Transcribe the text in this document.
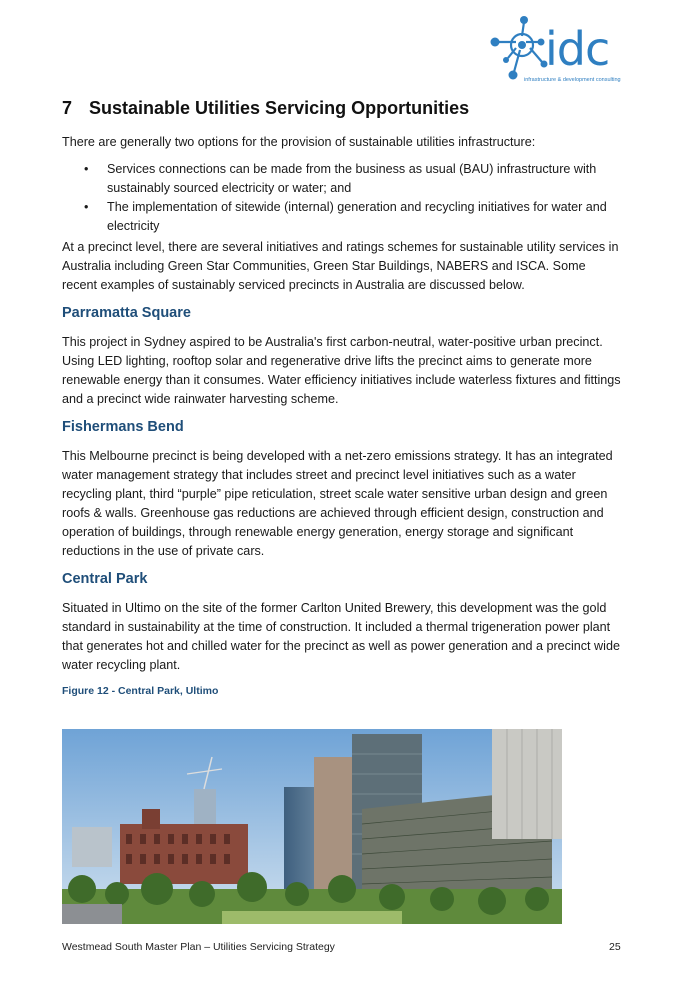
idc
infrastructure & development consulting
7 Sustainable Utilities Servicing Opportunities

There are generally two options for the provision of sustainable utilities infrastructure:

• Services connections can be made from the business as usual (BAU) infrastructure with sustainably sourced electricity or water; and
• The implementation of sitewide (internal) generation and recycling initiatives for water and electricity

At a precinct level, there are several initiatives and ratings schemes for sustainable utility services in Australia including Green Star Communities, Green Star Buildings, NABERS and ISCA. Some recent examples of sustainably serviced precincts in Australia are discussed below.

Parramatta Square

This project in Sydney aspired to be Australia's first carbon-neutral, water-positive urban precinct. Using LED lighting, rooftop solar and regenerative drive lifts the precinct aims to generate more renewable energy than it consumes. Water efficiency initiatives include waterless fixtures and fittings and a precinct wide rainwater harvesting scheme.

Fishermans Bend

This Melbourne precinct is being developed with a net-zero emissions strategy. It has an integrated water management strategy that includes street and precinct level initiatives such as a water recycling plant, third “purple” pipe reticulation, street scale water sensitive urban design and green roofs & walls. Greenhouse gas reductions are achieved through efficient design, construction and operation of buildings, through renewable energy generation, energy storage and significant reductions in the use of private cars.

Central Park

Situated in Ultimo on the site of the former Carlton United Brewery, this development was the gold standard in sustainability at the time of construction. It included a thermal trigeneration power plant that generates hot and chilled water for the precinct as well as power generation and a precinct wide water recycling plant.

Figure 12 - Central Park, Ultimo
Westmead South Master Plan – Utilities Servicing Strategy	25
